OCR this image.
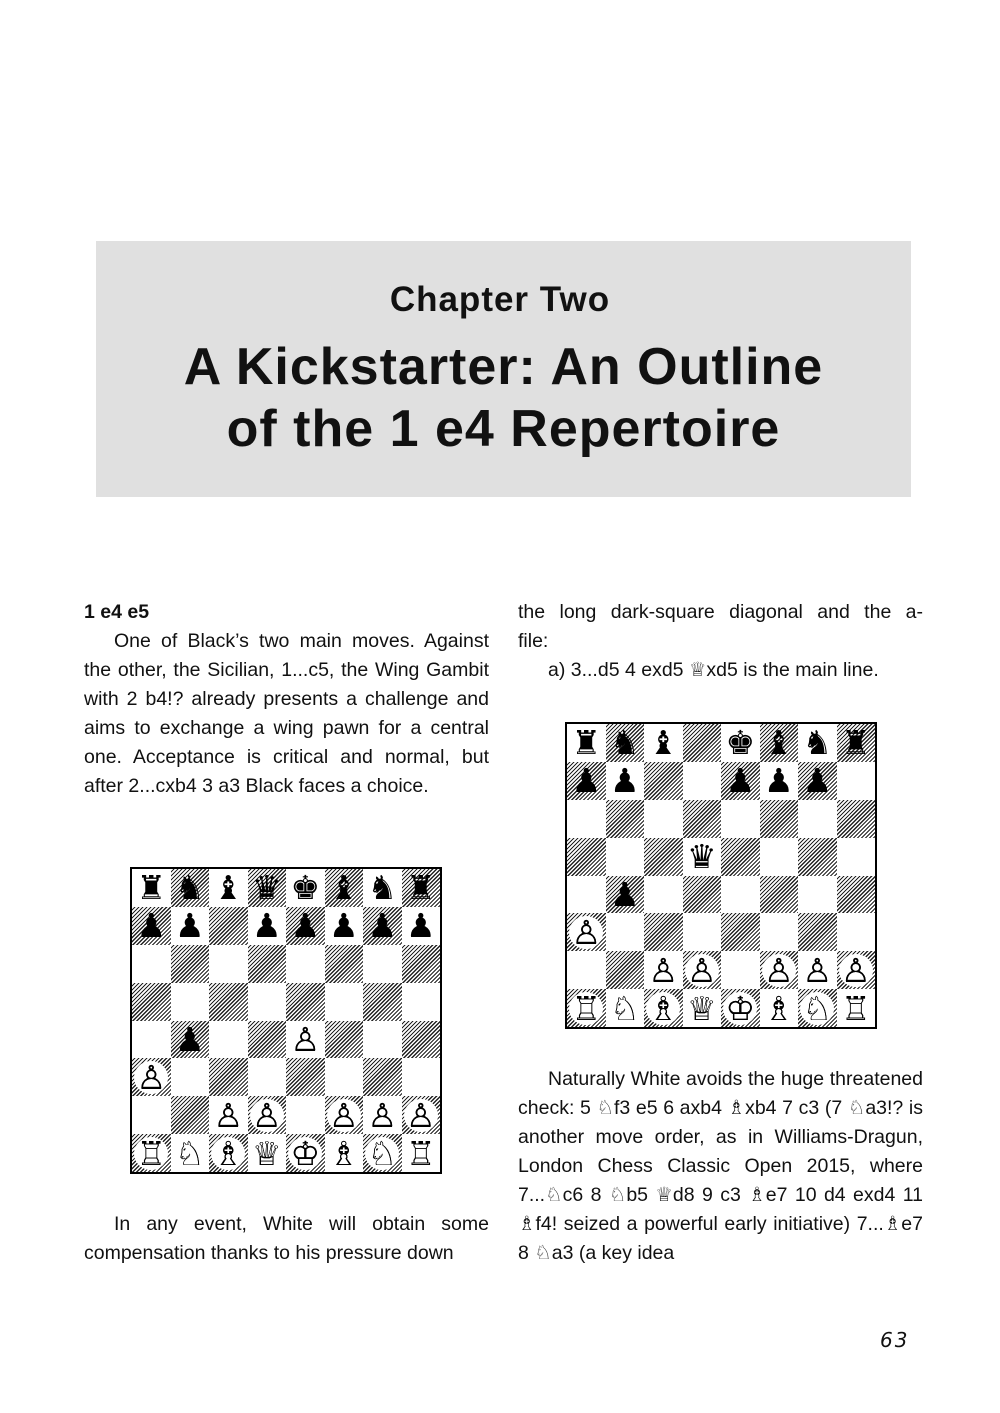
Chapter Two
A Kickstarter: An Outline
of the 1 e4 Repertoire

1 e4 e5

One of Black’s two main moves. Against the other, the Sicilian, 1...c5, the Wing Gambit with 2 b4!? already presents a challenge and aims to exchange a wing pawn for a central one. Acceptance is critical and normal, but after 2...cxb4 3 a3 Black faces a choice.

♜ ♞ ♝ ♛ ♚ ♝ ♞ ♜
♟ ♟ ♟ ♟ ♟ ♟ ♟
♟	♙
♙
♙ ♙ ♙ ♙ ♙
♖ ♘ ♗ ♕ ♔ ♗ ♘ ♖

In any event, White will obtain some

compensation thanks to his pressure down

the long dark-square diagonal and the a-

file:

a) 3...d5 4 exd5 ♕xd5 is the main line.

♜ ♞ ♝ ♚ ♝ ♞ ♜
♟ ♟	♟ ♟ ♟
♛
♟
♙
♙ ♙ ♙ ♙ ♙
♖ ♘ ♗ ♕ ♔ ♗ ♘ ♖

Naturally White avoids the huge threatened check: 5 ♘f3 e5 6 axb4 ♗xb4 7 c3 (7 ♘a3!? is another move order, as in Williams-Dragun, London Chess Classic Open 2015, where 7...♘c6 8 ♘b5 ♕d8 9 c3 ♗e7 10 d4 exd4 11 ♗f4! seized a powerful early initiative) 7...♗e7 8 ♘a3 (a key idea

63
